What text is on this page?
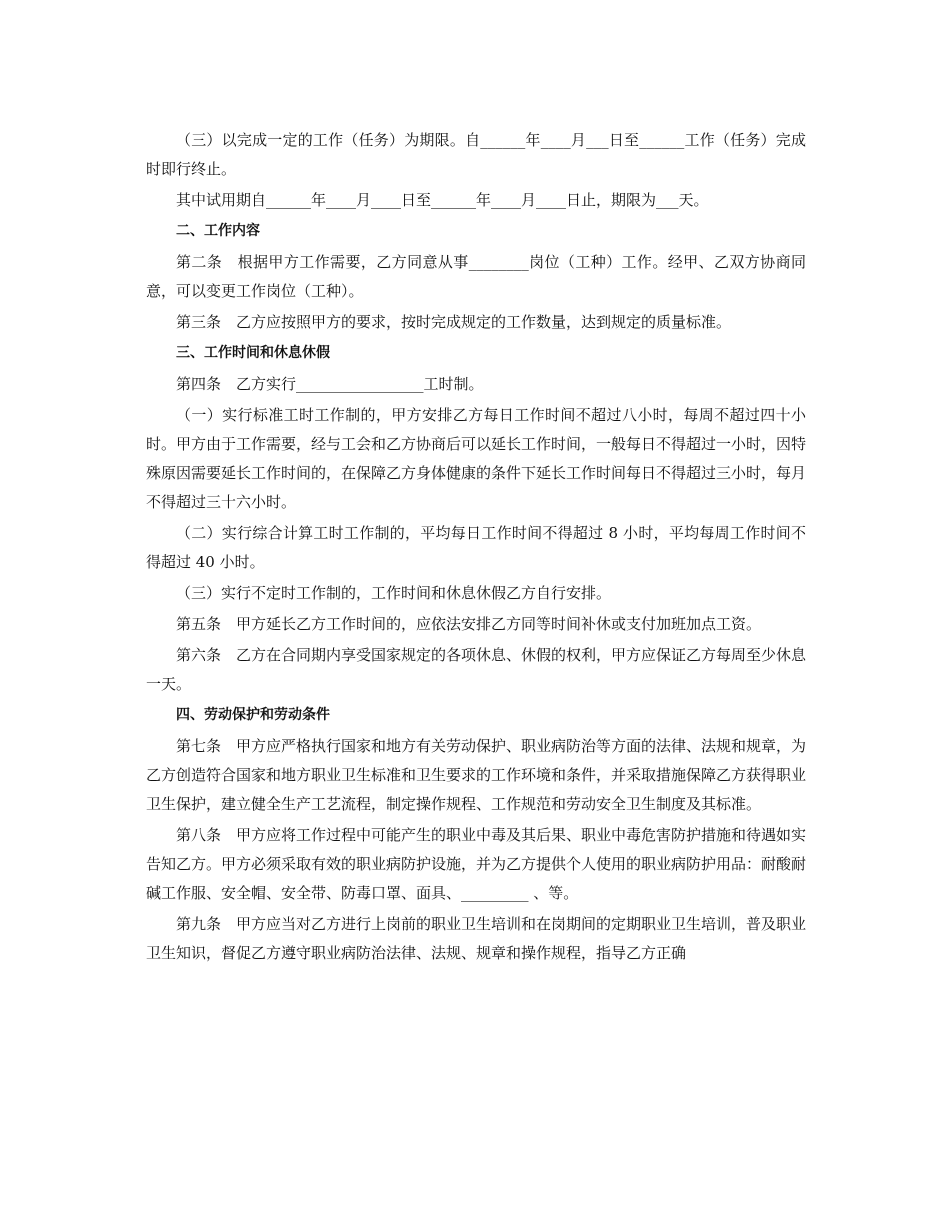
（三）以完成一定的工作（任务）为期限。自______年____月___日至______工作（任务）完成时即行终止。

其中试用期自______年____月____日至______年____月____日止，期限为___天。

二、工作内容

第二条　根据甲方工作需要，乙方同意从事________岗位（工种）工作。经甲、乙双方协商同意，可以变更工作岗位（工种）。

第三条　乙方应按照甲方的要求，按时完成规定的工作数量，达到规定的质量标准。

三、工作时间和休息休假

第四条　乙方实行_________________工时制。

（一）实行标准工时工作制的，甲方安排乙方每日工作时间不超过八小时，每周不超过四十小时。甲方由于工作需要，经与工会和乙方协商后可以延长工作时间，一般每日不得超过一小时，因特殊原因需要延长工作时间的，在保障乙方身体健康的条件下延长工作时间每日不得超过三小时，每月不得超过三十六小时。

（二）实行综合计算工时工作制的，平均每日工作时间不得超过 8 小时，平均每周工作时间不得超过 40 小时。

（三）实行不定时工作制的，工作时间和休息休假乙方自行安排。

第五条　甲方延长乙方工作时间的，应依法安排乙方同等时间补休或支付加班加点工资。

第六条　乙方在合同期内享受国家规定的各项休息、休假的权利，甲方应保证乙方每周至少休息一天。

四、劳动保护和劳动条件

第七条　甲方应严格执行国家和地方有关劳动保护、职业病防治等方面的法律、法规和规章，为乙方创造符合国家和地方职业卫生标准和卫生要求的工作环境和条件，并采取措施保障乙方获得职业卫生保护，建立健全生产工艺流程，制定操作规程、工作规范和劳动安全卫生制度及其标准。

第八条　甲方应将工作过程中可能产生的职业中毒及其后果、职业中毒危害防护措施和待遇如实告知乙方。甲方必须采取有效的职业病防护设施，并为乙方提供个人使用的职业病防护用品：耐酸耐碱工作服、安全帽、安全带、防毒口罩、面具、_________ 、等。

第九条　甲方应当对乙方进行上岗前的职业卫生培训和在岗期间的定期职业卫生培训，普及职业卫生知识，督促乙方遵守职业病防治法律、法规、规章和操作规程，指导乙方正确
